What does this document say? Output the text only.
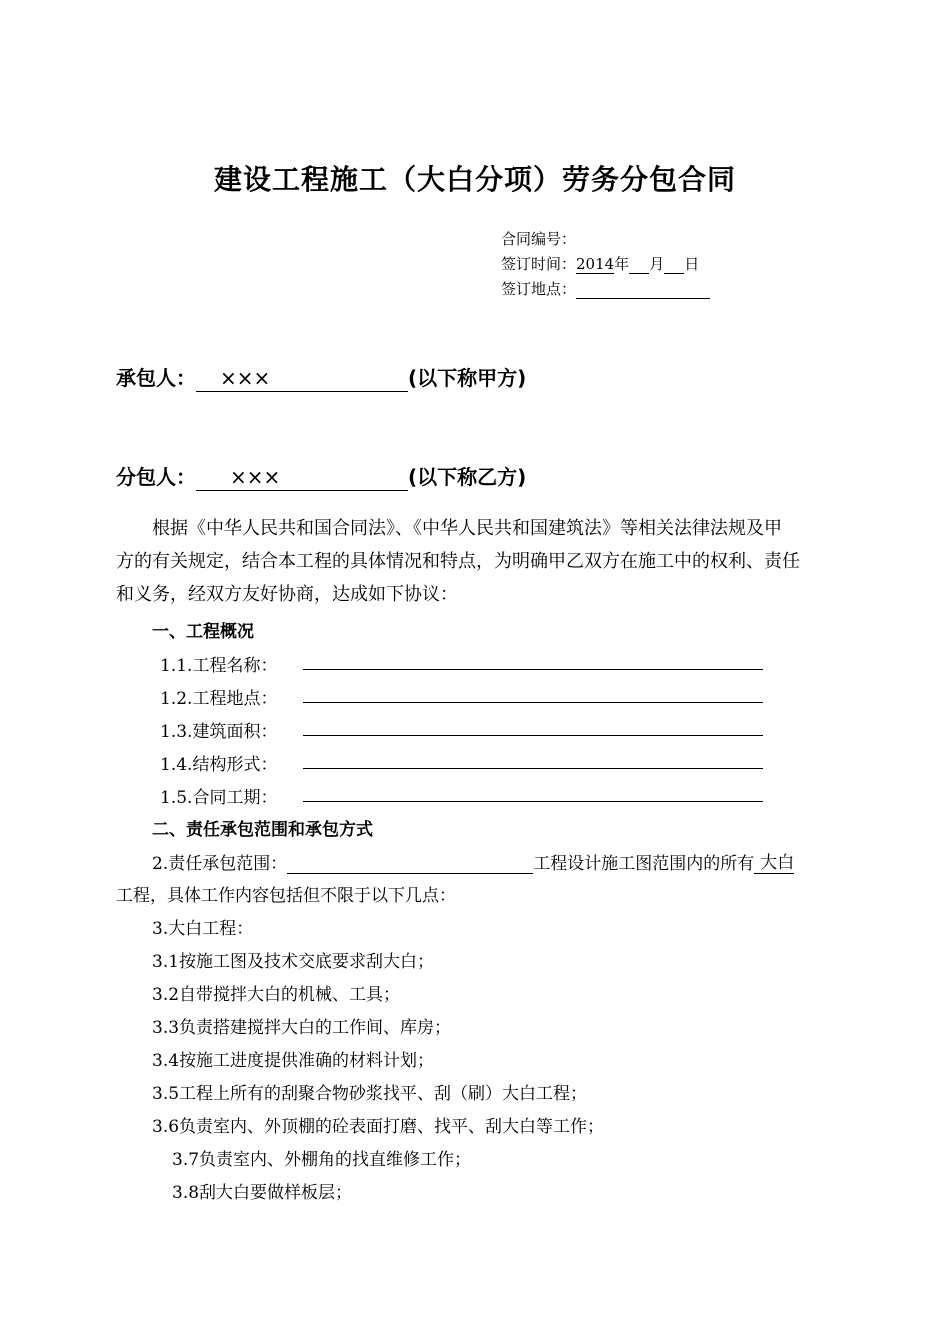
建设工程施工（大白分项）劳务分包合同
合同编号：
签订时间：2014年 月 日
签订地点：
承包人： ×××	(以下称甲方)
分包人： ×××	(以下称乙方)
根据《中华人民共和国合同法》、《中华人民共和国建筑法》等相关法律法规及甲
方的有关规定，结合本工程的具体情况和特点，为明确甲乙双方在施工中的权利、责任
和义务，经双方友好协商，达成如下协议：
一、工程概况
1.1.工程名称：
1.2.工程地点：
1.3.建筑面积：
1.4.结构形式：
1.5.合同工期：
二、责任承包范围和承包方式
2.责任承包范围：	工程设计施工图范围内的所有 大白
工程，具体工作内容包括但不限于以下几点：
3.大白工程：
3.1按施工图及技术交底要求刮大白；
3.2自带搅拌大白的机械、工具；
3.3负责搭建搅拌大白的工作间、库房；
3.4按施工进度提供准确的材料计划；
3.5工程上所有的刮聚合物砂浆找平、刮（刷）大白工程；
3.6负责室内、外顶棚的砼表面打磨、找平、刮大白等工作；
3.7负责室内、外棚角的找直维修工作；
3.8刮大白要做样板层；
